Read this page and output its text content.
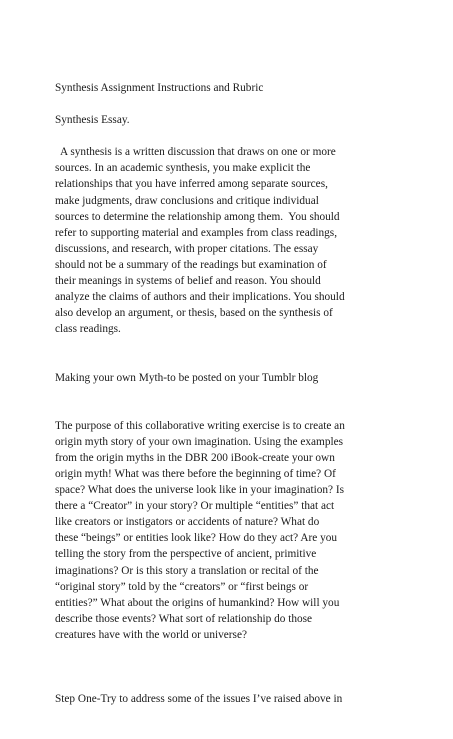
Synthesis Assignment Instructions and Rubric

Synthesis Essay.

A synthesis is a written discussion that draws on one or more
sources. In an academic synthesis, you make explicit the
relationships that you have inferred among separate sources,
make judgments, draw conclusions and critique individual
sources to determine the relationship among them.  You should
refer to supporting material and examples from class readings,
discussions, and research, with proper citations. The essay
should not be a summary of the readings but examination of
their meanings in systems of belief and reason. You should
analyze the claims of authors and their implications. You should
also develop an argument, or thesis, based on the synthesis of
class readings.

Making your own Myth-to be posted on your Tumblr blog

The purpose of this collaborative writing exercise is to create an
origin myth story of your own imagination. Using the examples
from the origin myths in the DBR 200 iBook-create your own
origin myth! What was there before the beginning of time? Of
space? What does the universe look like in your imagination? Is
there a “Creator” in your story? Or multiple “entities” that act
like creators or instigators or accidents of nature? What do
these “beings” or entities look like? How do they act? Are you
telling the story from the perspective of ancient, primitive
imaginations? Or is this story a translation or recital of the
“original story” told by the “creators” or “first beings or
entities?” What about the origins of humankind? How will you
describe those events? What sort of relationship do those
creatures have with the world or universe?

Step One-Try to address some of the issues I’ve raised above in
